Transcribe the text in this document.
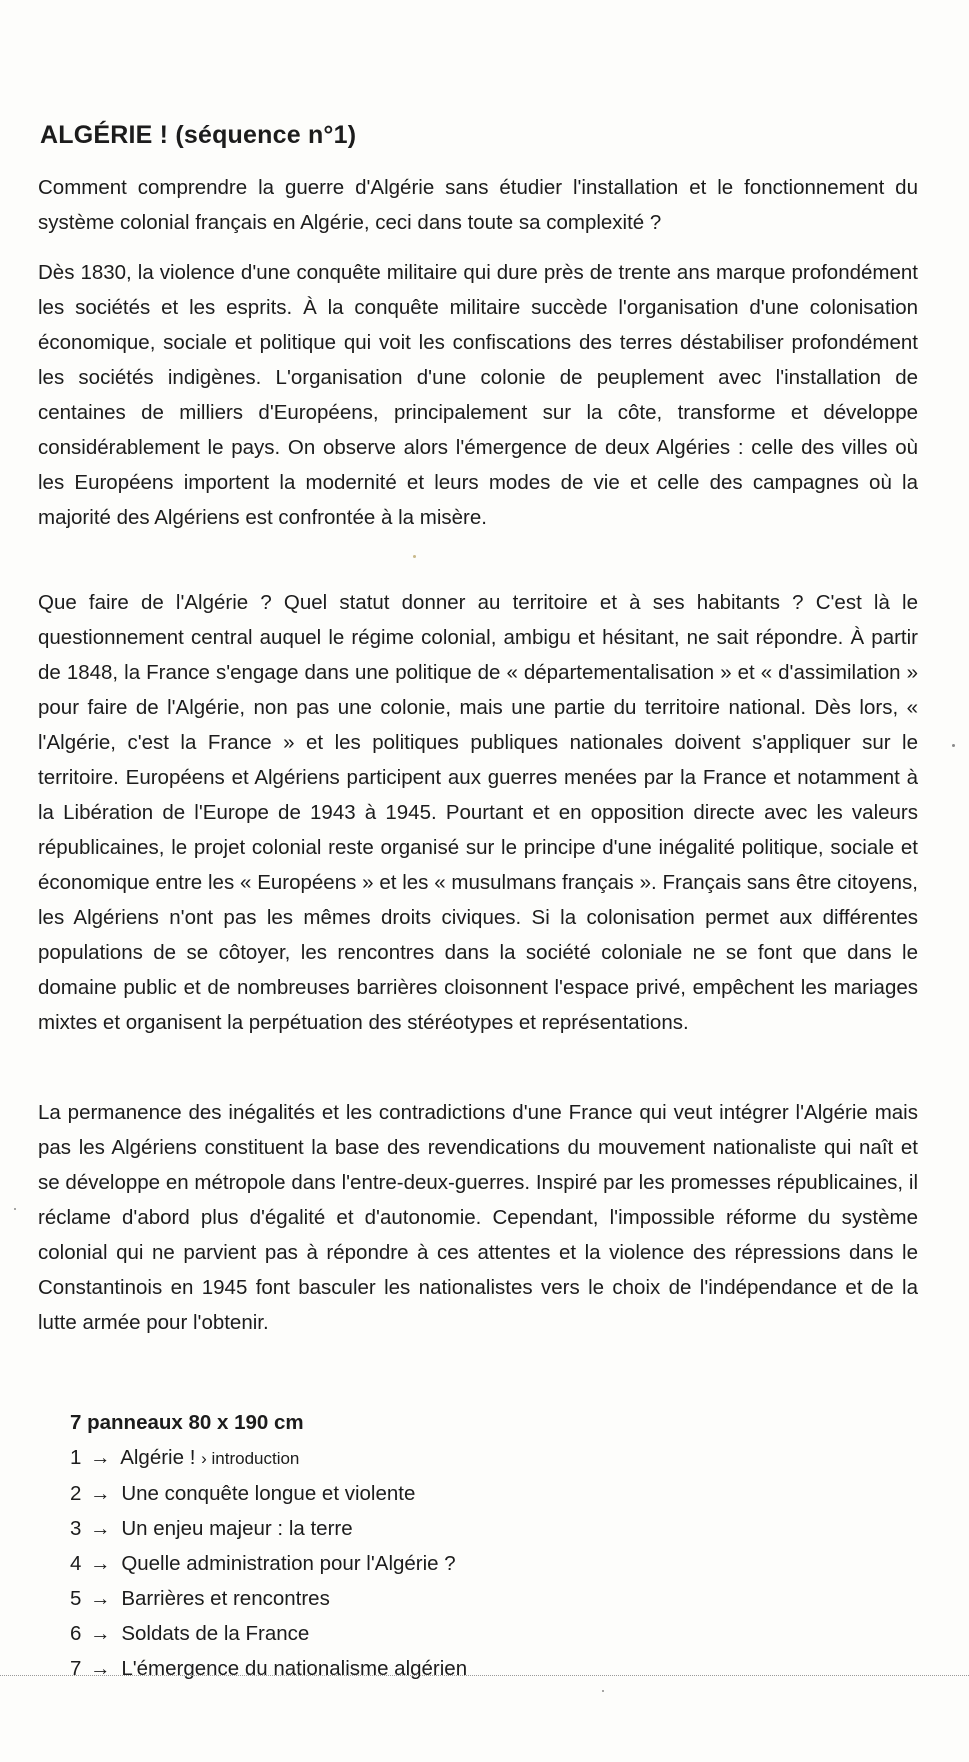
ALGÉRIE ! (séquence n°1)

Comment comprendre la guerre d'Algérie sans étudier l'installation et le fonctionnement du système colonial français en Algérie, ceci dans toute sa complexité ?

Dès 1830, la violence d'une conquête militaire qui dure près de trente ans marque profondément les sociétés et les esprits. À la conquête militaire succède l'organisation d'une colonisation économique, sociale et politique qui voit les confiscations des terres déstabiliser profondément les sociétés indigènes. L'organisation d'une colonie de peuplement avec l'installation de centaines de milliers d'Européens, principalement sur la côte, transforme et développe considérablement le pays. On observe alors l'émergence de deux Algéries : celle des villes où les Européens importent la modernité et leurs modes de vie et celle des campagnes où la majorité des Algériens est confrontée à la misère.

Que faire de l'Algérie ? Quel statut donner au territoire et à ses habitants ? C'est là le questionnement central auquel le régime colonial, ambigu et hésitant, ne sait répondre. À partir de 1848, la France s'engage dans une politique de « départementalisation » et « d'assimilation » pour faire de l'Algérie, non pas une colonie, mais une partie du territoire national. Dès lors, « l'Algérie, c'est la France » et les politiques publiques nationales doivent s'appliquer sur le territoire. Européens et Algériens participent aux guerres menées par la France et notamment à la Libération de l'Europe de 1943 à 1945. Pourtant et en opposition directe avec les valeurs républicaines, le projet colonial reste organisé sur le principe d'une inégalité politique, sociale et économique entre les « Européens » et les « musulmans français ». Français sans être citoyens, les Algériens n'ont pas les mêmes droits civiques. Si la colonisation permet aux différentes populations de se côtoyer, les rencontres dans la société coloniale ne se font que dans le domaine public et de nombreuses barrières cloisonnent l'espace privé, empêchent les mariages mixtes et organisent la perpétuation des stéréotypes et représentations.

La permanence des inégalités et les contradictions d'une France qui veut intégrer l'Algérie mais pas les Algériens constituent la base des revendications du mouvement nationaliste qui naît et se développe en métropole dans l'entre-deux-guerres. Inspiré par les promesses républicaines, il réclame d'abord plus d'égalité et d'autonomie. Cependant, l'impossible réforme du système colonial qui ne parvient pas à répondre à ces attentes et la violence des répressions dans le Constantinois en 1945 font basculer les nationalistes vers le choix de l'indépendance et de la lutte armée pour l'obtenir.

7 panneaux 80 x 190 cm

1 → Algérie ! › introduction
2 → Une conquête longue et violente
3 → Un enjeu majeur : la terre
4 → Quelle administration pour l'Algérie ?
5 → Barrières et rencontres
6 → Soldats de la France
7 → L'émergence du nationalisme algérien
